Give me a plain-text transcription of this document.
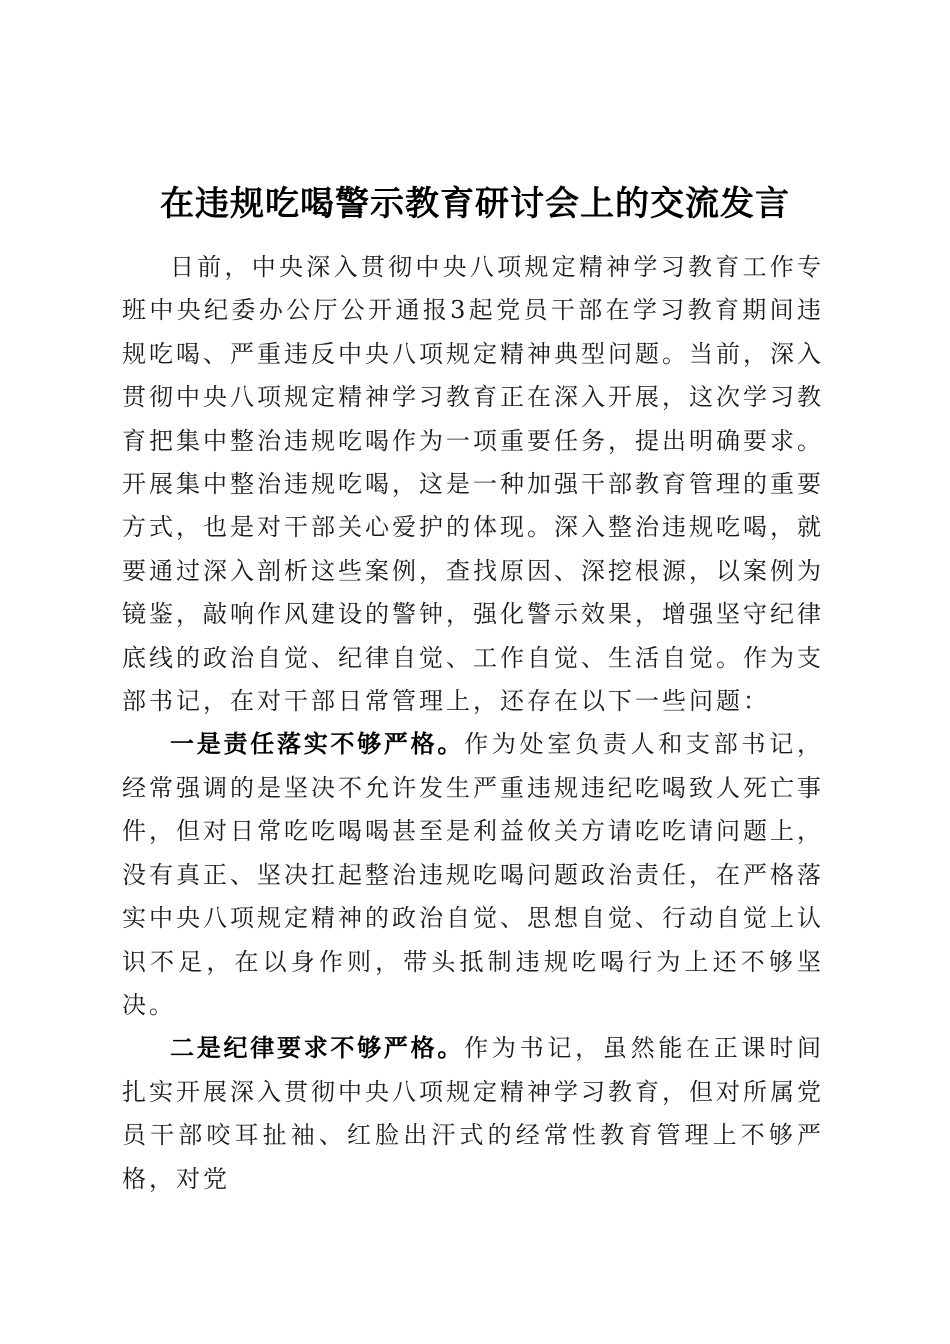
在违规吃喝警示教育研讨会上的交流发言

日前，中央深入贯彻中央八项规定精神学习教育工作专班中央纪委办公厅公开通报3起党员干部在学习教育期间违规吃喝、严重违反中央八项规定精神典型问题。当前，深入贯彻中央八项规定精神学习教育正在深入开展，这次学习教育把集中整治违规吃喝作为一项重要任务，提出明确要求。开展集中整治违规吃喝，这是一种加强干部教育管理的重要方式，也是对干部关心爱护的体现。深入整治违规吃喝，就要通过深入剖析这些案例，查找原因、深挖根源，以案例为镜鉴，敲响作风建设的警钟，强化警示效果，增强坚守纪律底线的政治自觉、纪律自觉、工作自觉、生活自觉。作为支部书记，在对干部日常管理上，还存在以下一些问题：

一是责任落实不够严格。作为处室负责人和支部书记，经常强调的是坚决不允许发生严重违规违纪吃喝致人死亡事件，但对日常吃吃喝喝甚至是利益攸关方请吃吃请问题上，没有真正、坚决扛起整治违规吃喝问题政治责任，在严格落实中央八项规定精神的政治自觉、思想自觉、行动自觉上认识不足，在以身作则，带头抵制违规吃喝行为上还不够坚决。

二是纪律要求不够严格。作为书记，虽然能在正课时间扎实开展深入贯彻中央八项规定精神学习教育，但对所属党员干部咬耳扯袖、红脸出汗式的经常性教育管理上不够严格，对党
